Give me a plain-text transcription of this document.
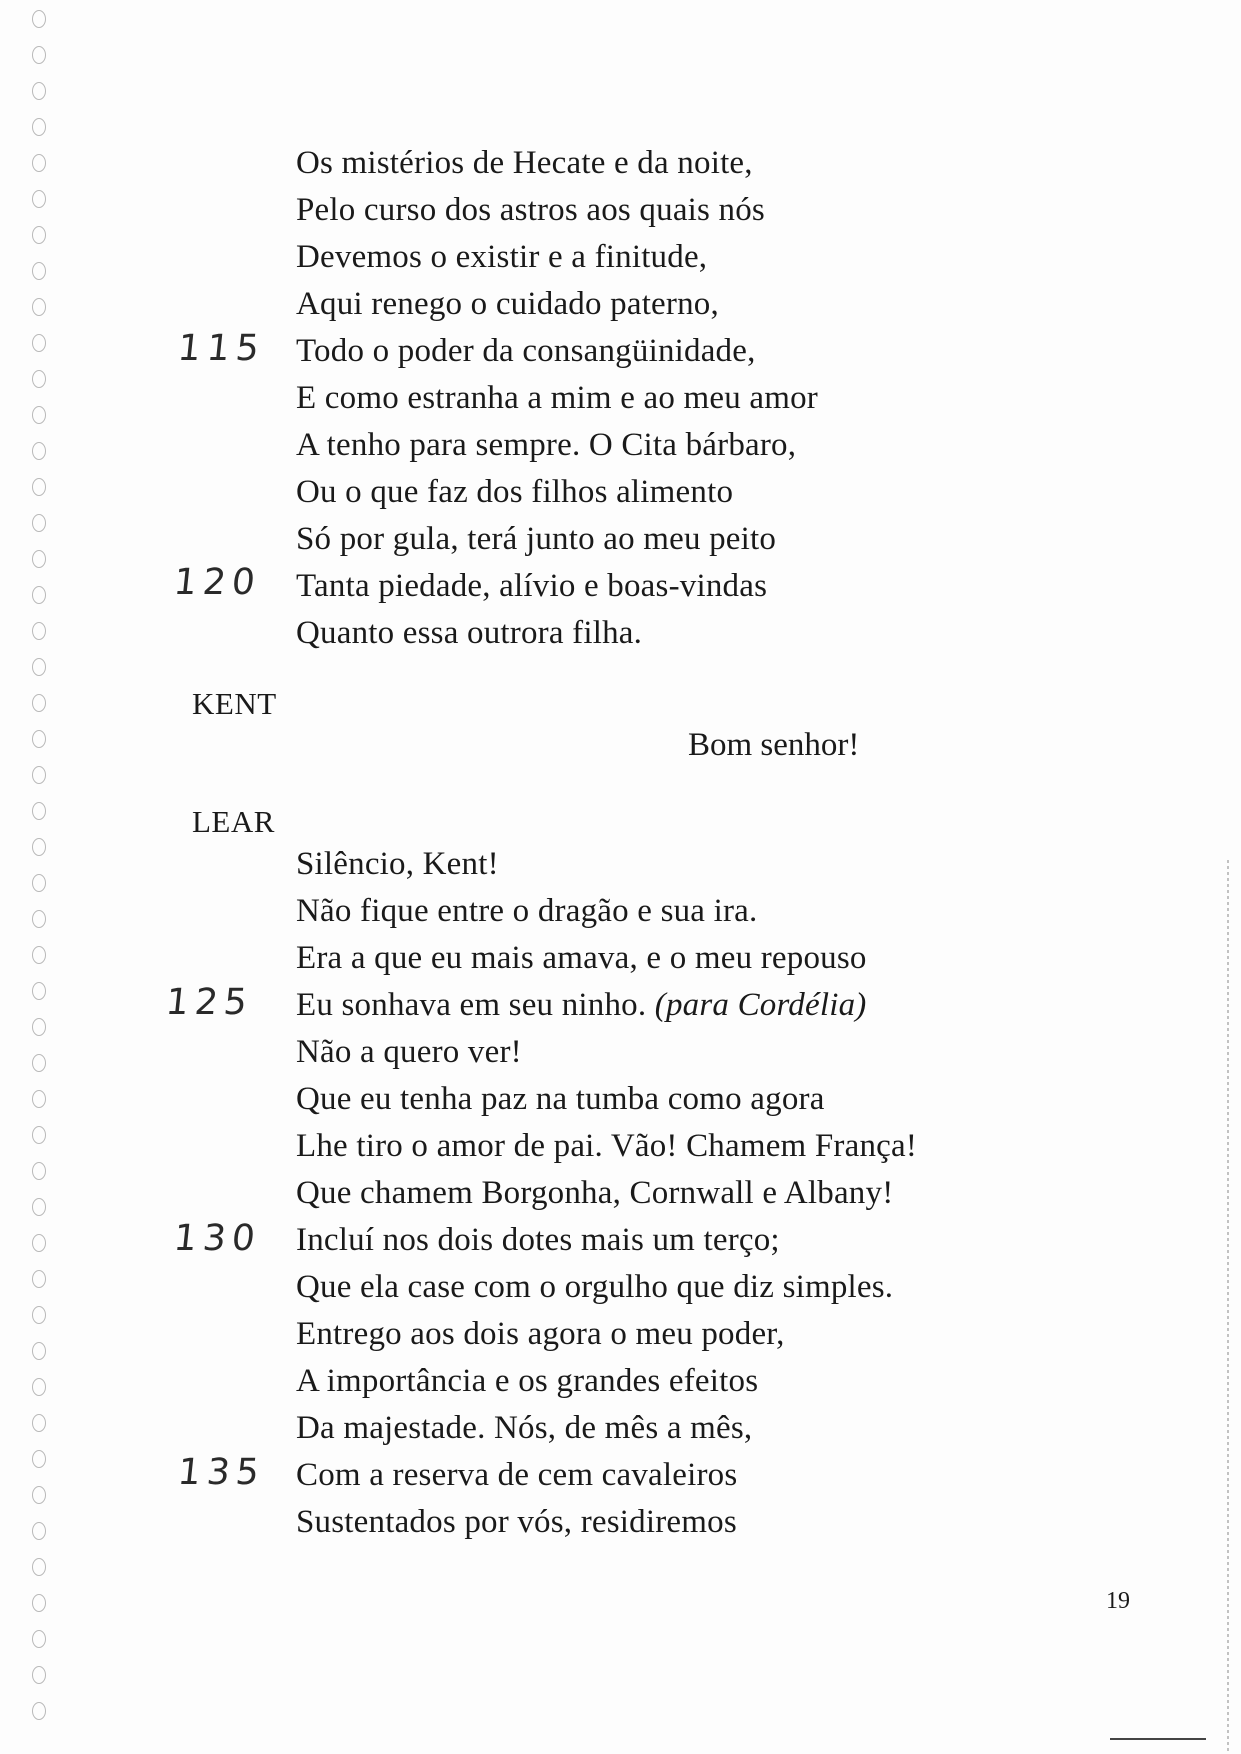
Os mistérios de Hecate e da noite,
Pelo curso dos astros aos quais nós
Devemos o existir e a finitude,
Aqui renego o cuidado paterno,
Todo o poder da consangüinidade,
E como estranha a mim e ao meu amor
A tenho para sempre. O Cita bárbaro,
Ou o que faz dos filhos alimento
Só por gula, terá junto ao meu peito
Tanta piedade, alívio e boas-vindas
Quanto essa outrora filha.
115
120
125
130
135
KENT
Bom senhor!
LEAR
Silêncio, Kent!
Não fique entre o dragão e sua ira.
Era a que eu mais amava, e o meu repouso
Eu sonhava em seu ninho. (para Cordélia)
Não a quero ver!
Que eu tenha paz na tumba como agora
Lhe tiro o amor de pai. Vão! Chamem França!
Que chamem Borgonha, Cornwall e Albany!
Incluí nos dois dotes mais um terço;
Que ela case com o orgulho que diz simples.
Entrego aos dois agora o meu poder,
A importância e os grandes efeitos
Da majestade. Nós, de mês a mês,
Com a reserva de cem cavaleiros
Sustentados por vós, residiremos
19
